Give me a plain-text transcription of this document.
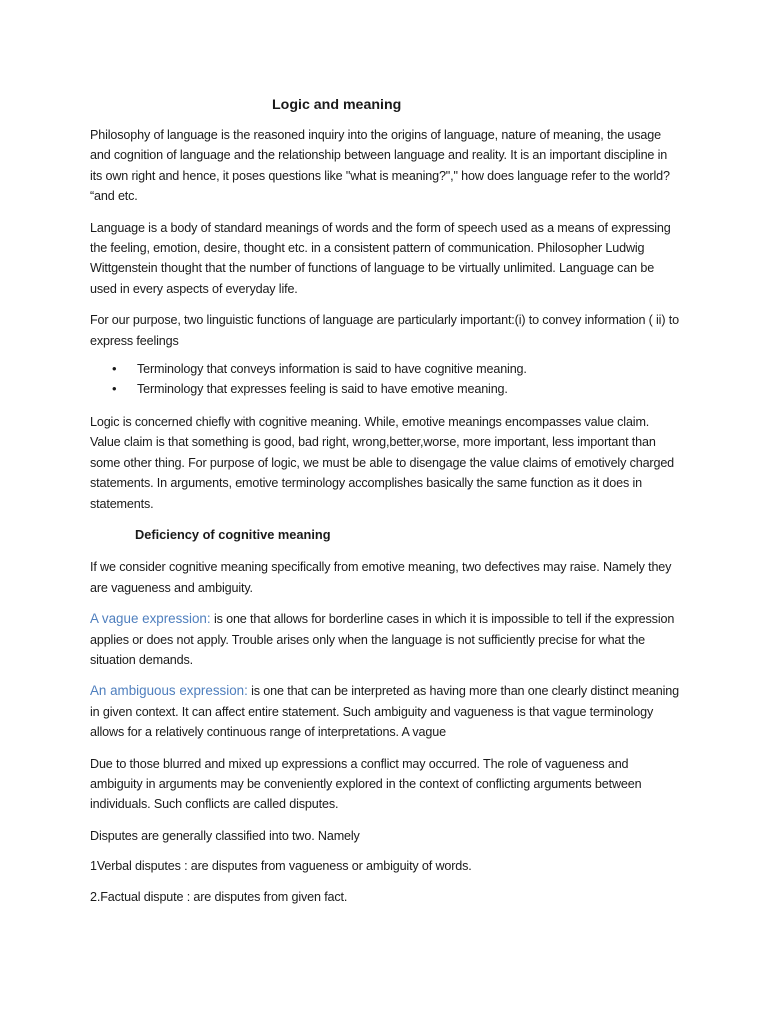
Logic and meaning

Philosophy of language is the reasoned inquiry into the origins of language, nature of meaning, the usage and cognition of language and the relationship between language and reality. It is an important discipline in its own right and hence, it poses questions like "what is meaning?"," how does language refer to the world? “and etc.

Language is a body of standard meanings of words and the form of speech used as a means of expressing the feeling, emotion, desire, thought etc. in a consistent pattern of communication. Philosopher Ludwig Wittgenstein thought that the number of functions of language to be virtually unlimited. Language can be used in every aspects of everyday life.

For our purpose, two linguistic functions of language are particularly important:(i) to convey information ( ii) to express feelings

• Terminology that conveys information is said to have cognitive meaning.
• Terminology that expresses feeling is said to have emotive meaning.

Logic is concerned chiefly with cognitive meaning. While, emotive meanings encompasses value claim. Value claim is that something is good, bad right, wrong,better,worse, more important, less important than some other thing. For purpose of logic, we must be able to disengage the value claims of emotively charged statements. In arguments, emotive terminology accomplishes basically the same function as it does in statements.

Deficiency of cognitive meaning

If we consider cognitive meaning specifically from emotive meaning, two defectives may raise. Namely they are vagueness and ambiguity.

A vague expression: is one that allows for borderline cases in which it is impossible to tell if the expression applies or does not apply. Trouble arises only when the language is not sufficiently precise for what the situation demands.

An ambiguous expression: is one that can be interpreted as having more than one clearly distinct meaning in given context. It can affect entire statement. Such ambiguity and vagueness is that vague terminology allows for a relatively continuous range of interpretations. A vague

Due to those blurred and mixed up expressions a conflict may occurred. The role of vagueness and ambiguity in arguments may be conveniently explored in the context of conflicting arguments between individuals. Such conflicts are called disputes.

Disputes are generally classified into two. Namely

1Verbal disputes : are disputes from vagueness or ambiguity of words.

2.Factual dispute : are disputes from given fact.
